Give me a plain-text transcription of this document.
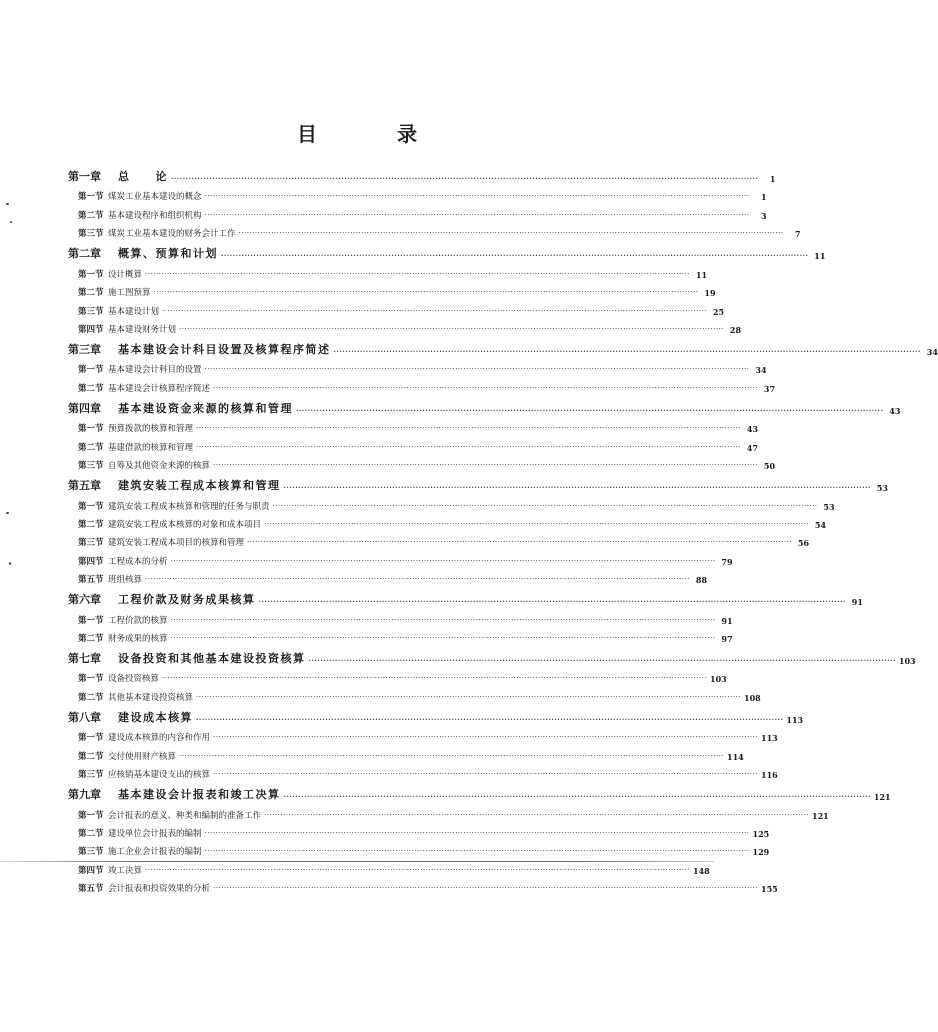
目　录
第一章	总　　论 ········································································································································································································	1
第一节 煤炭工业基本建设的概念 ········································································································································································································	1
第二节 基本建设程序和组织机构 ········································································································································································································	3
第三节 煤炭工业基本建设的财务会计工作 ········································································································································································································	7
第二章	概算、预算和计划 ········································································································································································································ 11
第一节 设计概算 ········································································································································································································ 11
第二节 施工图预算 ········································································································································································································ 19
第三节 基本建设计划 ········································································································································································································ 25
第四节 基本建设财务计划 ········································································································································································································ 28
第三章	基本建设会计科目设置及核算程序简述 ········································································································································································································ 34
第一节 基本建设会计科目的设置 ········································································································································································································ 34
第二节 基本建设会计核算程序简述 ········································································································································································································ 37
第四章	基本建设资金来源的核算和管理 ········································································································································································································ 43
第一节 预算拨款的核算和管理 ········································································································································································································ 43
第二节 基建借款的核算和管理 ········································································································································································································ 47
第三节 自筹及其他资金来源的核算 ········································································································································································································ 50
第五章	建筑安装工程成本核算和管理 ········································································································································································································ 53
第一节 建筑安装工程成本核算和管理的任务与职责 ········································································································································································································ 53
第二节 建筑安装工程成本核算的对象和成本项目 ········································································································································································································ 54
第三节 建筑安装工程成本项目的核算和管理 ········································································································································································································ 56
第四节 工程成本的分析 ········································································································································································································ 79
第五节 班组核算 ········································································································································································································ 88
第六章	工程价款及财务成果核算 ········································································································································································································ 91
第一节 工程价款的核算 ········································································································································································································ 91
第二节 财务成果的核算 ········································································································································································································ 97
第七章	设备投资和其他基本建设投资核算 ········································································································································································································ 103
第一节 设备投资核算 ········································································································································································································ 103
第二节 其他基本建设投资核算 ········································································································································································································ 108
第八章	建设成本核算 ········································································································································································································ 113
第一节 建设成本核算的内容和作用 ········································································································································································································ 113
第二节 交付使用财产核算 ········································································································································································································ 114
第三节 应核销基本建设支出的核算 ········································································································································································································ 116
第九章	基本建设会计报表和竣工决算 ········································································································································································································ 121
第一节 会计报表的意义、种类和编制的准备工作 ········································································································································································································ 121
第二节 建设单位会计报表的编制 ········································································································································································································ 125
第三节 施工企业会计报表的编制 ········································································································································································································ 129
第四节 竣工决算 ········································································································································································································ 148
第五节 会计报表和投资效果的分析 ········································································································································································································ 155
